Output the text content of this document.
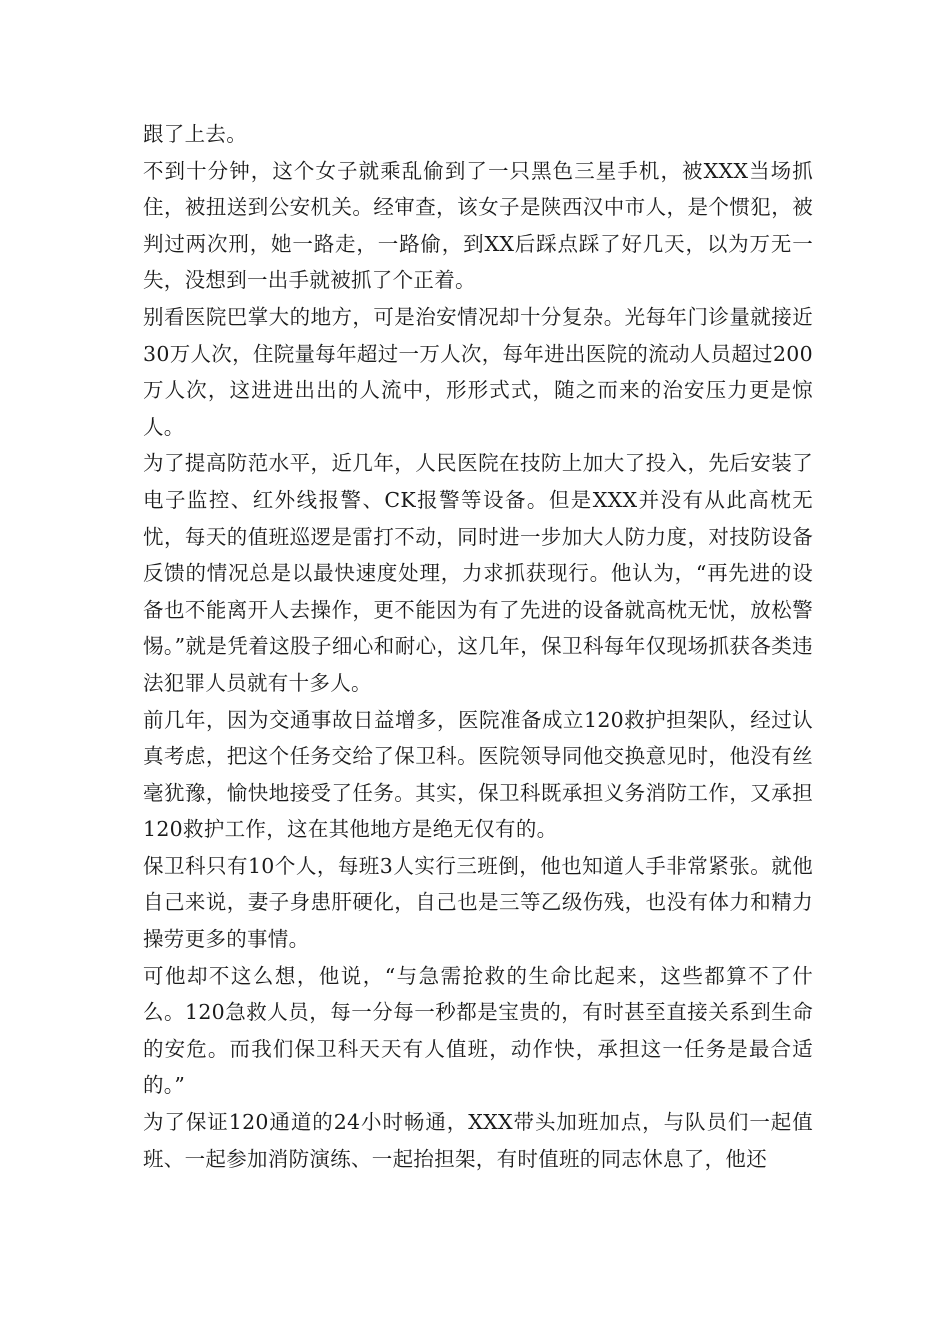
跟了上去。

不到十分钟，这个女子就乘乱偷到了一只黑色三星手机，被XXX当场抓住，被扭送到公安机关。经审查，该女子是陕西汉中市人，是个惯犯，被判过两次刑，她一路走，一路偷，到XX后踩点踩了好几天，以为万无一失，没想到一出手就被抓了个正着。

别看医院巴掌大的地方，可是治安情况却十分复杂。光每年门诊量就接近30万人次，住院量每年超过一万人次，每年进出医院的流动人员超过200万人次，这进进出出的人流中，形形式式，随之而来的治安压力更是惊人。

为了提高防范水平，近几年，人民医院在技防上加大了投入，先后安装了电子监控、红外线报警、CK报警等设备。但是XXX并没有从此高枕无忧，每天的值班巡逻是雷打不动，同时进一步加大人防力度，对技防设备反馈的情况总是以最快速度处理，力求抓获现行。他认为，“再先进的设备也不能离开人去操作，更不能因为有了先进的设备就高枕无忧，放松警惕。”就是凭着这股子细心和耐心，这几年，保卫科每年仅现场抓获各类违法犯罪人员就有十多人。

前几年，因为交通事故日益增多，医院准备成立120救护担架队，经过认真考虑，把这个任务交给了保卫科。医院领导同他交换意见时，他没有丝毫犹豫，愉快地接受了任务。其实，保卫科既承担义务消防工作，又承担120救护工作，这在其他地方是绝无仅有的。

保卫科只有10个人，每班3人实行三班倒，他也知道人手非常紧张。就他自己来说，妻子身患肝硬化，自己也是三等乙级伤残，也没有体力和精力操劳更多的事情。

可他却不这么想，他说，“与急需抢救的生命比起来，这些都算不了什么。120急救人员，每一分每一秒都是宝贵的，有时甚至直接关系到生命的安危。而我们保卫科天天有人值班，动作快，承担这一任务是最合适的。”

为了保证120通道的24小时畅通，XXX带头加班加点，与队员们一起值班、一起参加消防演练、一起抬担架，有时值班的同志休息了，他还
